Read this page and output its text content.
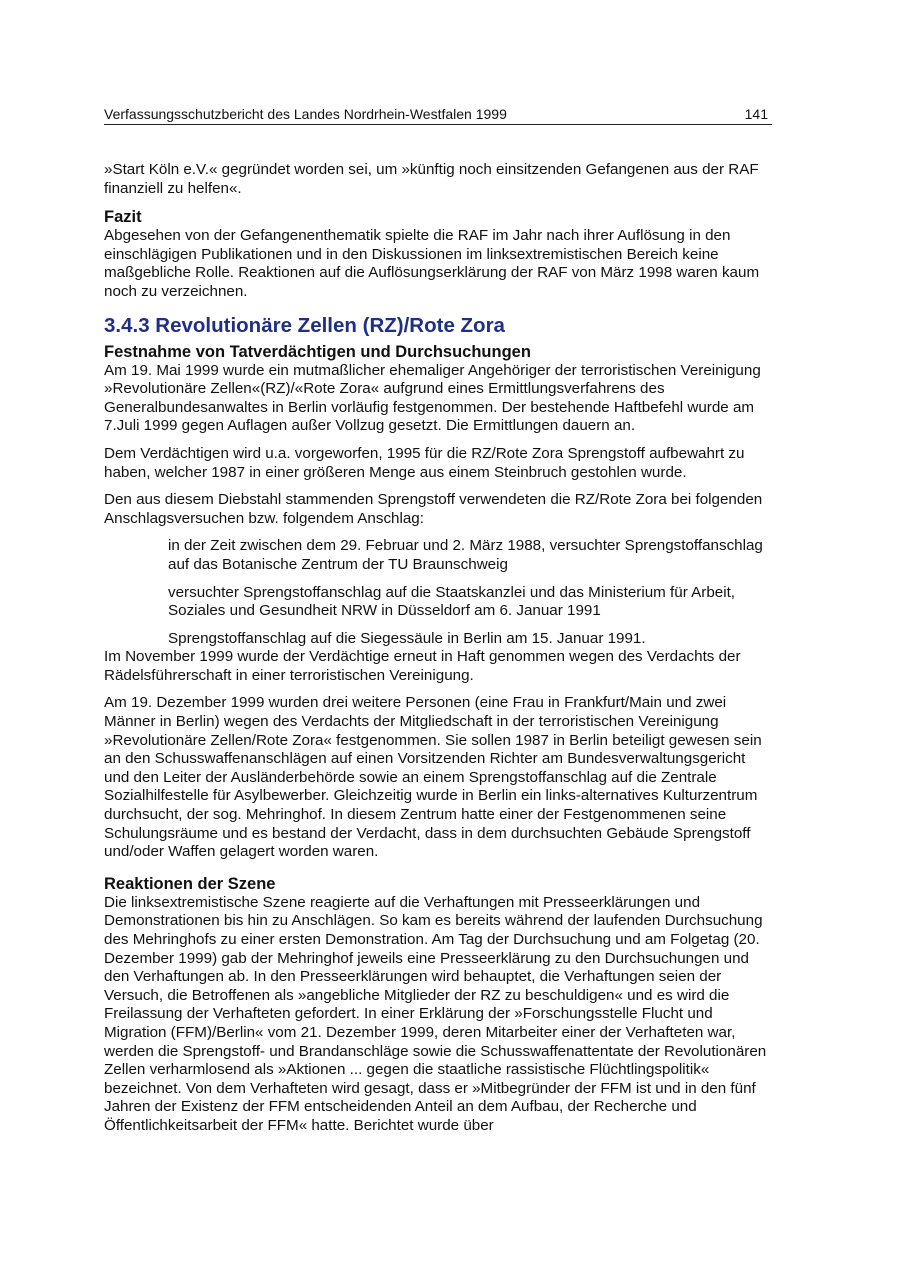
Verfassungsschutzbericht des Landes Nordrhein-Westfalen 1999	141

»Start Köln e.V.« gegründet worden sei, um »künftig noch einsitzenden Gefangenen aus der RAF finanziell zu helfen«.

Fazit

Abgesehen von der Gefangenenthematik spielte die RAF im Jahr nach ihrer Auflösung in den einschlägigen Publikationen und in den Diskussionen im linksextremistischen Bereich keine maßgebliche Rolle. Reaktionen auf die Auflösungserklärung der RAF von März 1998 waren kaum noch zu verzeichnen.

3.4.3 Revolutionäre Zellen (RZ)/Rote Zora
Festnahme von Tatverdächtigen und Durchsuchungen

Am 19. Mai 1999 wurde ein mutmaßlicher ehemaliger Angehöriger der terroristischen Vereinigung »Revolutionäre Zellen«(RZ)/«Rote Zora« aufgrund eines Ermittlungsverfahrens des Generalbundesanwaltes in Berlin vorläufig festgenommen. Der bestehende Haftbefehl wurde am 7.Juli 1999 gegen Auflagen außer Vollzug gesetzt. Die Ermittlungen dauern an.

Dem Verdächtigen wird u.a. vorgeworfen, 1995 für die RZ/Rote Zora Sprengstoff aufbewahrt zu haben, welcher 1987 in einer größeren Menge aus einem Steinbruch gestohlen wurde.

Den aus diesem Diebstahl stammenden Sprengstoff verwendeten die RZ/Rote Zora bei folgenden Anschlagsversuchen bzw. folgendem Anschlag:

in der Zeit zwischen dem 29. Februar und 2. März 1988, versuchter Sprengstoffanschlag auf das Botanische Zentrum der TU Braunschweig
versuchter Sprengstoffanschlag auf die Staatskanzlei und das Ministerium für Arbeit, Soziales und Gesundheit NRW in Düsseldorf am 6. Januar 1991
Sprengstoffanschlag auf die Siegessäule in Berlin am 15. Januar 1991.

Im November 1999 wurde der Verdächtige erneut in Haft genommen wegen des Verdachts der Rädelsführerschaft in einer terroristischen Vereinigung.

Am 19. Dezember 1999 wurden drei weitere Personen (eine Frau in Frankfurt/Main und zwei Männer in Berlin) wegen des Verdachts der Mitgliedschaft in der terroristischen Vereinigung »Revolutionäre Zellen/Rote Zora« festgenommen. Sie sollen 1987 in Berlin beteiligt gewesen sein an den Schusswaffenanschlägen auf einen Vorsitzenden Richter am Bundesverwaltungsgericht und den Leiter der Ausländerbehörde sowie an einem Sprengstoffanschlag auf die Zentrale Sozialhilfestelle für Asylbewerber. Gleichzeitig wurde in Berlin ein links-alternatives Kulturzentrum durchsucht, der sog. Mehringhof. In diesem Zentrum hatte einer der Festgenommenen seine Schulungsräume und es bestand der Verdacht, dass in dem durchsuchten Gebäude Sprengstoff und/oder Waffen gelagert worden waren.

Reaktionen der Szene

Die linksextremistische Szene reagierte auf die Verhaftungen mit Presseerklärungen und Demonstrationen bis hin zu Anschlägen. So kam es bereits während der laufenden Durchsuchung des Mehringhofs zu einer ersten Demonstration. Am Tag der Durchsuchung und am Folgetag (20. Dezember 1999) gab der Mehringhof jeweils eine Presseerklärung zu den Durchsuchungen und den Verhaftungen ab. In den Presseerklärungen wird behauptet, die Verhaftungen seien der Versuch, die Betroffenen als »angebliche Mitglieder der RZ zu beschuldigen« und es wird die Freilassung der Verhafteten gefordert. In einer Erklärung der »Forschungsstelle Flucht und Migration (FFM)/Berlin« vom 21. Dezember 1999, deren Mitarbeiter einer der Verhafteten war, werden die Sprengstoff- und Brandanschläge sowie die Schusswaffenattentate der Revolutionären Zellen verharmlosend als »Aktionen ... gegen die staatliche rassistische Flüchtlingspolitik« bezeichnet. Von dem Verhafteten wird gesagt, dass er »Mitbegründer der FFM ist und in den fünf Jahren der Existenz der FFM entscheidenden Anteil an dem Aufbau, der Recherche und Öffentlichkeitsarbeit der FFM« hatte. Berichtet wurde über
